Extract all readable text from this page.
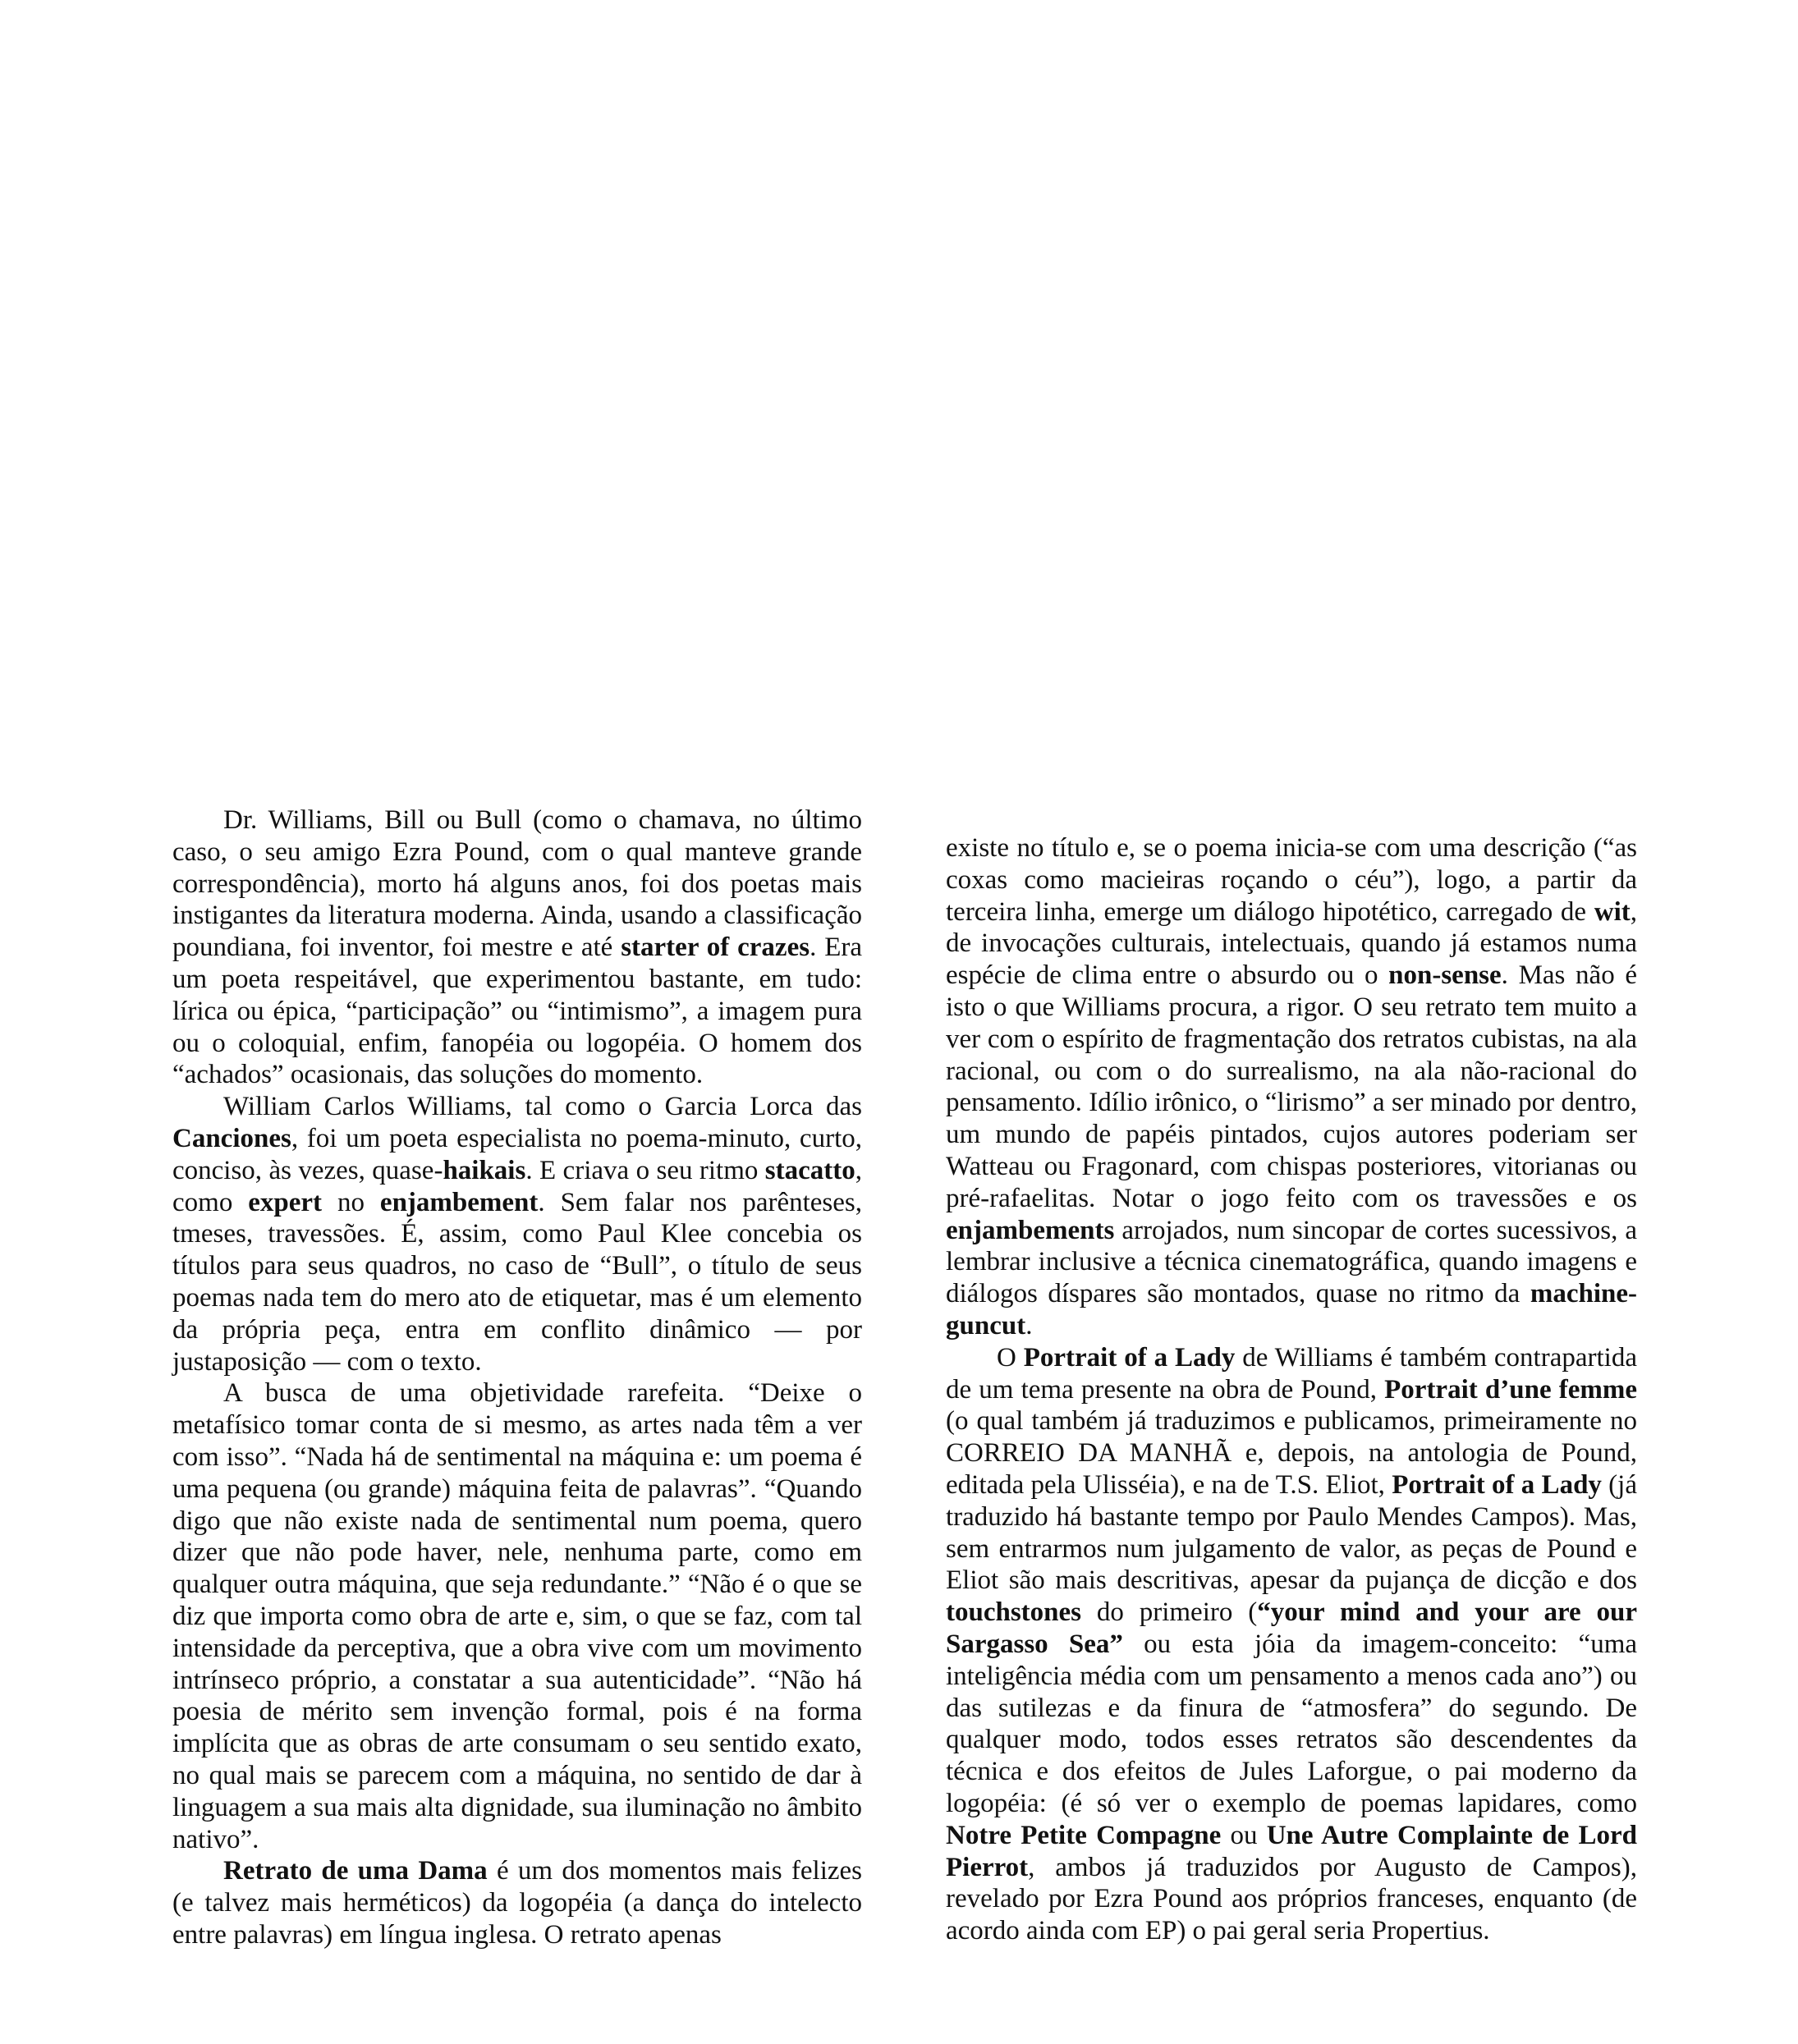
Dr. Williams, Bill ou Bull (como o chamava, no último caso, o seu amigo Ezra Pound, com o qual manteve grande correspondência), morto há alguns anos, foi dos poetas mais instigantes da literatura moderna. Ainda, usando a classificação poundiana, foi inventor, foi mestre e até starter of crazes. Era um poeta respeitável, que experimentou bastante, em tudo: lírica ou épica, “participação” ou “intimismo”, a imagem pura ou o coloquial, enfim, fanopéia ou logopéia. O homem dos “achados” ocasionais, das soluções do momento.

William Carlos Williams, tal como o Garcia Lorca das Canciones, foi um poeta especialista no poema-minuto, curto, conciso, às vezes, quase-haikais. E criava o seu ritmo stacatto, como expert no enjambement. Sem falar nos parênteses, tmeses, travessões. É, assim, como Paul Klee concebia os títulos para seus quadros, no caso de “Bull”, o título de seus poemas nada tem do mero ato de etiquetar, mas é um elemento da própria peça, entra em conflito dinâmico — por justaposição — com o texto.

A busca de uma objetividade rarefeita. “Deixe o metafísico tomar conta de si mesmo, as artes nada têm a ver com isso”. “Nada há de sentimental na máquina e: um poema é uma pequena (ou grande) máquina feita de palavras”. “Quando digo que não existe nada de sentimental num poema, quero dizer que não pode haver, nele, nenhuma parte, como em qualquer outra máquina, que seja redundante.” “Não é o que se diz que importa como obra de arte e, sim, o que se faz, com tal intensidade da perceptiva, que a obra vive com um movimento intrínseco próprio, a constatar a sua autenticidade”. “Não há poesia de mérito sem invenção formal, pois é na forma implícita que as obras de arte consumam o seu sentido exato, no qual mais se parecem com a máquina, no sentido de dar à linguagem a sua mais alta dignidade, sua iluminação no âmbito nativo”.

Retrato de uma Dama é um dos momentos mais felizes (e talvez mais herméticos) da logopéia (a dança do intelecto entre palavras) em língua inglesa. O retrato apenas

existe no título e, se o poema inicia-se com uma descrição (“as coxas como macieiras roçando o céu”), logo, a partir da terceira linha, emerge um diálogo hipotético, carregado de wit, de invocações culturais, intelectuais, quando já estamos numa espécie de clima entre o absurdo ou o non-sense. Mas não é isto o que Williams procura, a rigor. O seu retrato tem muito a ver com o espírito de fragmentação dos retratos cubistas, na ala racional, ou com o do surrealismo, na ala não-racional do pensamento. Idílio irônico, o “lirismo” a ser minado por dentro, um mundo de papéis pintados, cujos autores poderiam ser Watteau ou Fragonard, com chispas posteriores, vitorianas ou pré-rafaelitas. Notar o jogo feito com os travessões e os enjambements arrojados, num sincopar de cortes sucessivos, a lembrar inclusive a técnica cinematográfica, quando imagens e diálogos díspares são montados, quase no ritmo da machine-guncut.

O Portrait of a Lady de Williams é também contrapartida de um tema presente na obra de Pound, Portrait d’une femme (o qual também já traduzimos e publicamos, primeiramente no CORREIO DA MANHÃ e, depois, na antologia de Pound, editada pela Ulisséia), e na de T.S. Eliot, Portrait of a Lady (já traduzido há bastante tempo por Paulo Mendes Campos). Mas, sem entrarmos num julgamento de valor, as peças de Pound e Eliot são mais descritivas, apesar da pujança de dicção e dos touchstones do primeiro (“your mind and your are our Sargasso Sea” ou esta jóia da imagem-conceito: “uma inteligência média com um pensamento a menos cada ano”) ou das sutilezas e da finura de “atmosfera” do segundo. De qualquer modo, todos esses retratos são descendentes da técnica e dos efeitos de Jules Laforgue, o pai moderno da logopéia: (é só ver o exemplo de poemas lapidares, como Notre Petite Compagne ou Une Autre Complainte de Lord Pierrot, ambos já traduzidos por Augusto de Campos), revelado por Ezra Pound aos próprios franceses, enquanto (de acordo ainda com EP) o pai geral seria Propertius.
